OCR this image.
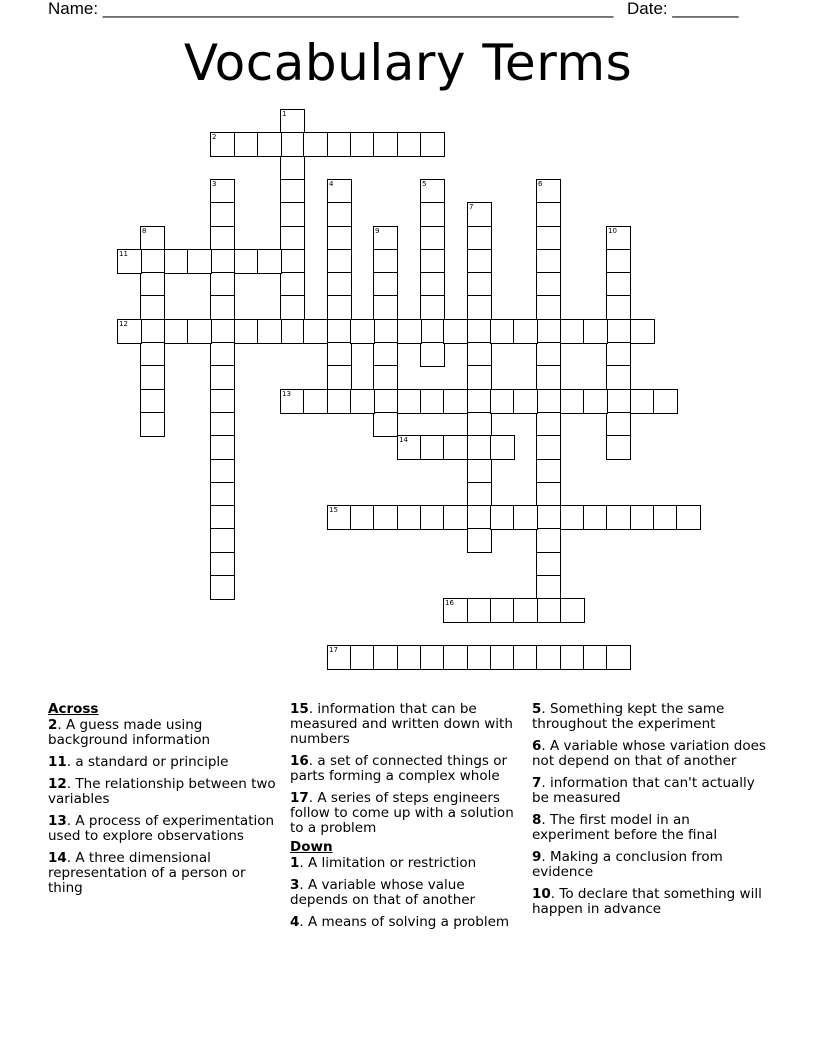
Name: ______________________________________________________ Date: _______
Vocabulary Terms
1
2
3	4	5	6
7
8	9	10
11
12
13
14
15
16
17
Across
2. A guess made using background information
11. a standard or principle
12. The relationship between two variables
13. A process of experimentation used to explore observations
14. A three dimensional representation of a person or thing
15. information that can be measured and written down with numbers
16. a set of connected things or parts forming a complex whole
17. A series of steps engineers follow to come up with a solution to a problem
Down
1. A limitation or restriction
3. A variable whose value depends on that of another
4. A means of solving a problem
5. Something kept the same throughout the experiment
6. A variable whose variation does not depend on that of another
7. information that can't actually be measured
8. The first model in an experiment before the final
9. Making a conclusion from evidence
10. To declare that something will happen in advance
